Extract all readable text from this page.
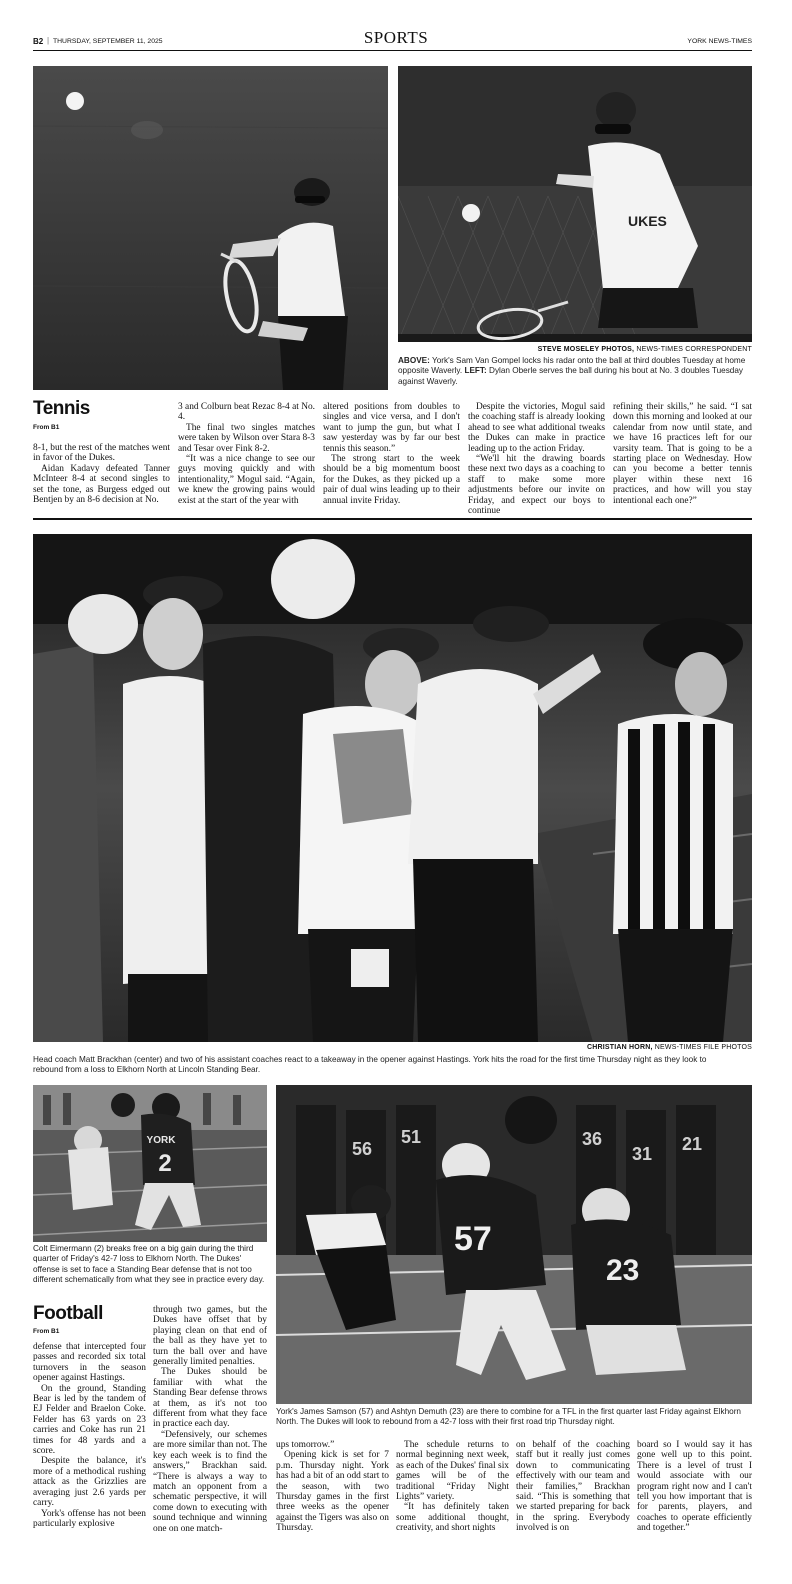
B2 | THURSDAY, SEPTEMBER 11, 2025	SPORTS	YORK NEWS-TIMES
UKES
STEVE MOSELEY PHOTOS, NEWS-TIMES CORRESPONDENT
ABOVE: York's Sam Van Gompel locks his radar onto the ball at third doubles Tuesday at home opposite Waverly. LEFT: Dylan Oberle serves the ball during his bout at No. 3 doubles Tuesday against Waverly.
Tennis
From B1

8-1, but the rest of the matches went in favor of the Dukes.

Aidan Kadavy defeated Tanner McInteer 8-4 at second singles to set the tone, as Burgess edged out Bentjen by an 8-6 decision at No.

3 and Colburn beat Rezac 8-4 at No. 4.

The final two singles matches were taken by Wilson over Stara 8-3 and Tesar over Fink 8-2.

“It was a nice change to see our guys moving quickly and with intentionality,” Mogul said. “Again, we knew the growing pains would exist at the start of the year with

altered positions from doubles to singles and vice versa, and I don't want to jump the gun, but what I saw yesterday was by far our best tennis this season.”

The strong start to the week should be a big momentum boost for the Dukes, as they picked up a pair of dual wins leading up to their annual invite Friday.

Despite the victories, Mogul said the coaching staff is already looking ahead to see what additional tweaks the Dukes can make in practice leading up to the action Friday.

“We'll hit the drawing boards these next two days as a coaching to staff to make some more adjustments before our invite on Friday, and expect our boys to continue

refining their skills,” he said. “I sat down this morning and looked at our calendar from now until state, and we have 16 practices left for our varsity team. That is going to be a starting place on Wednesday. How can you become a better tennis player within these next 16 practices, and how will you stay intentional each one?”

CHRISTIAN HORN, NEWS-TIMES FILE PHOTOS
Head coach Matt Brackhan (center) and two of his assistant coaches react to a takeaway in the opener against Hastings. York hits the road for the first time Thursday night as they look to rebound from a loss to Elkhorn North at Lincoln Standing Bear.
YORK
2
Colt Eimermann (2) breaks free on a big gain during the third quarter of Friday's 42-7 loss to Elkhorn North. The Dukes' offense is set to face a Standing Bear defense that is not too different schematically from what they see in practice every day.
56
51	36
31 21
57
23
York's James Samson (57) and Ashtyn Demuth (23) are there to combine for a TFL in the first quarter last Friday against Elkhorn North. The Dukes will look to rebound from a 42-7 loss with their first road trip Thursday night.
Football
From B1

defense that intercepted four passes and recorded six total turnovers in the season opener against Hastings.

On the ground, Standing Bear is led by the tandem of EJ Felder and Braelon Coke. Felder has 63 yards on 23 carries and Coke has run 21 times for 48 yards and a score.

Despite the balance, it's more of a methodical rushing attack as the Grizzlies are averaging just 2.6 yards per carry.

York's offense has not been particularly explosive

through two games, but the Dukes have offset that by playing clean on that end of the ball as they have yet to turn the ball over and have generally limited penalties.

The Dukes should be familiar with what the Standing Bear defense throws at them, as it's not too different from what they face in practice each day.

“Defensively, our schemes are more similar than not. The key each week is to find the answers,” Brackhan said. “There is always a way to match an opponent from a schematic perspective, it will come down to executing with sound technique and winning one on one match-

ups tomorrow.”

Opening kick is set for 7 p.m. Thursday night. York has had a bit of an odd start to the season, with two Thursday games in the first three weeks as the opener against the Tigers was also on Thursday.

The schedule returns to normal beginning next week, as each of the Dukes' final six games will be of the traditional “Friday Night Lights” variety.

“It has definitely taken some additional thought, creativity, and short nights

on behalf of the coaching staff but it really just comes down to communicating effectively with our team and their families,” Brackhan said. “This is something that we started preparing for back in the spring. Everybody involved is on

board so I would say it has gone well up to this point. There is a level of trust I would associate with our program right now and I can't tell you how important that is for parents, players, and coaches to operate efficiently and together.”
